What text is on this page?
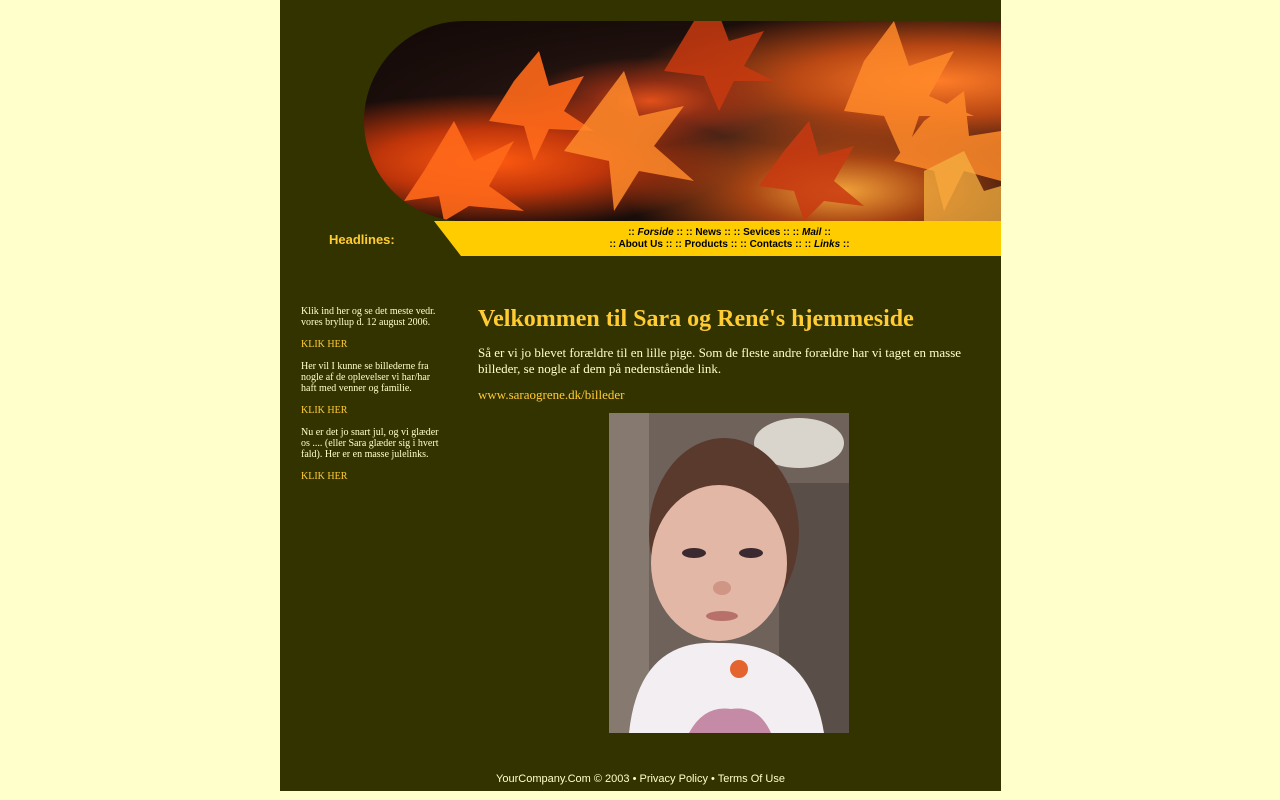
Headlines:	:: Forside :: :: News :: :: Sevices :: :: Mail ::
:: About Us :: :: Products :: :: Contacts :: :: Links ::

Klik ind her og se det meste vedr. vores bryllup d. 12 august 2006.

KLIK HER

Her vil I kunne se billederne fra nogle af de oplevelser vi har/har haft med venner og familie.

KLIK HER

Nu er det jo snart jul, og vi glæder os .... (eller Sara glæder sig i hvert fald). Her er en masse julelinks.

KLIK HER

Velkommen til Sara og René's hjemmeside

Så er vi jo blevet forældre til en lille pige. Som de fleste andre forældre har vi taget en masse billeder, se nogle af dem på nedenstående link.

www.saraogrene.dk/billeder
YourCompany.Com © 2003 • Privacy Policy • Terms Of Use
